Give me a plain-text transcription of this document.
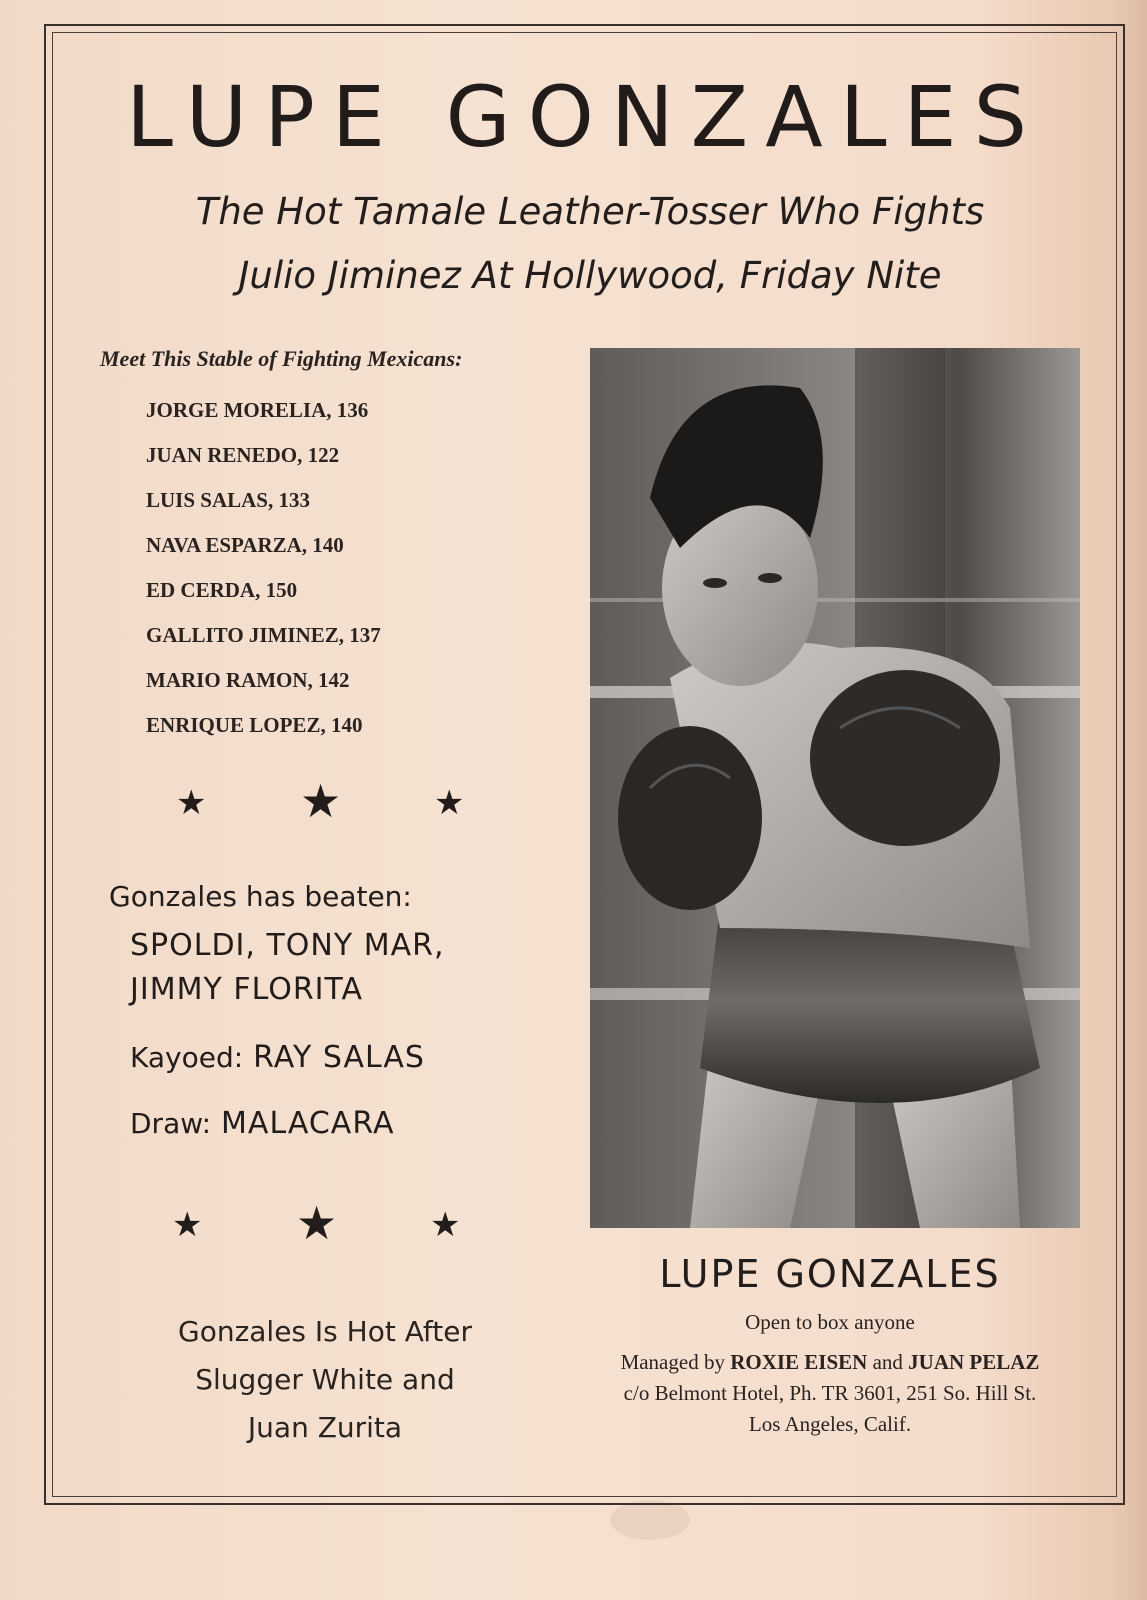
LUPE GONZALES
The Hot Tamale Leather-Tosser Who Fights
Julio Jiminez At Hollywood, Friday Nite
Meet This Stable of Fighting Mexicans:
JORGE MORELIA, 136
JUAN RENEDO, 122
LUIS SALAS, 133
NAVA ESPARZA, 140
ED CERDA, 150
GALLITO JIMINEZ, 137
MARIO RAMON, 142
ENRIQUE LOPEZ, 140
★ ★	★
Gonzales has beaten:
SPOLDI, TONY MAR,
JIMMY FLORITA
Kayoed: RAY SALAS
Draw: MALACARA
★ ★	★
Gonzales Is Hot After
Slugger White and
Juan Zurita
LUPE GONZALES
Open to box anyone
Managed by ROXIE EISEN and JUAN PELAZ
c/o Belmont Hotel, Ph. TR 3601, 251 So. Hill St.
Los Angeles, Calif.
